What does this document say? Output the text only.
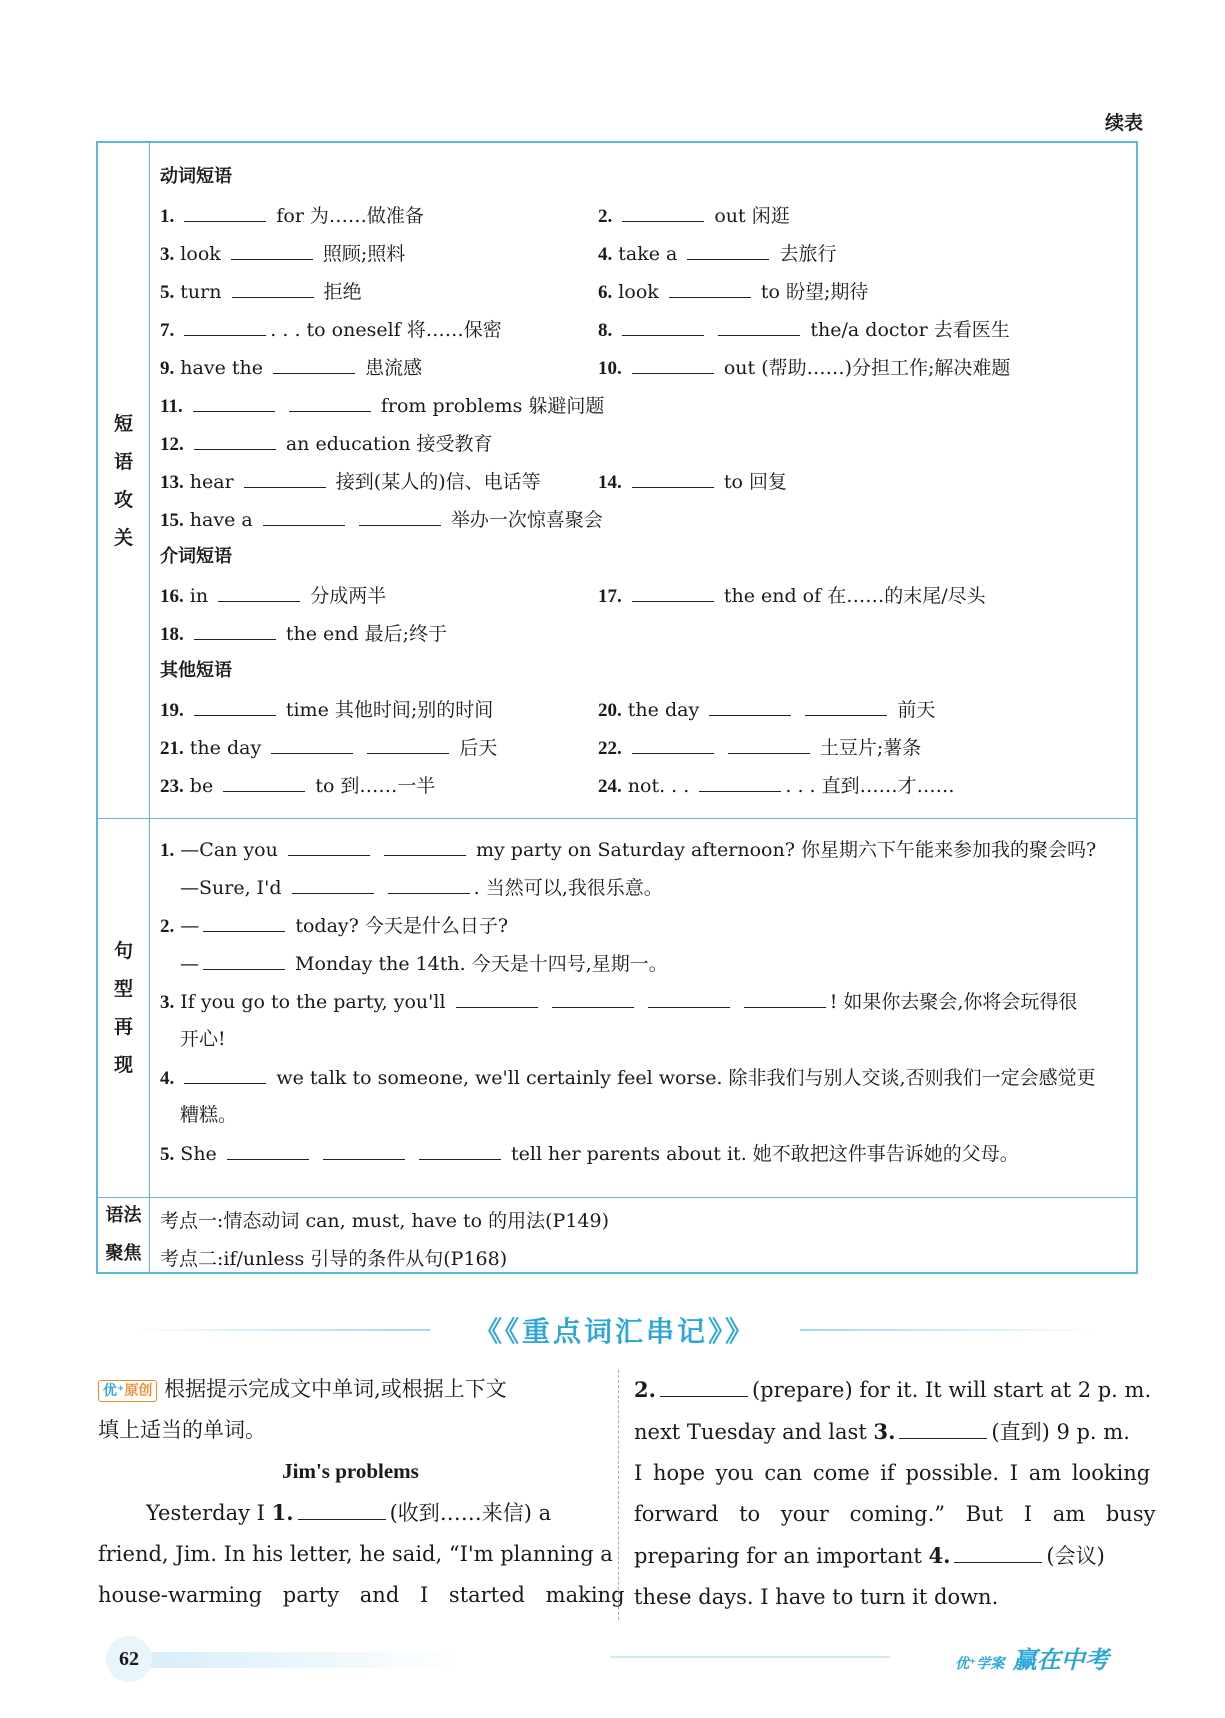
续表
短
语
攻
关
句
型
再
现
语法
聚焦
动词短语
1.	for 为……做准备	2.	out 闲逛
3. look	照顾;照料	4. take a	去旅行
5. turn	拒绝	6. look	to 盼望;期待
7.	. . . to oneself 将……保密	8.	the/a doctor 去看医生
9. have the	患流感	10.	out (帮助……)分担工作;解决难题
11.	from problems 躲避问题
12.	an education 接受教育
13. hear	接到(某人的)信、电话等	14.	to 回复
15. have a	举办一次惊喜聚会
介词短语
16. in	分成两半	17.	the end of 在……的末尾/尽头
18.	the end 最后;终于
其他短语
19.	time 其他时间;别的时间	20. the day	前天
21. the day	后天	22.	土豆片;薯条
23. be	to 到……一半	24. not. . .	. . . 直到……才……
1. —Can you	my party on Saturday afternoon? 你星期六下午能来参加我的聚会吗?
—Sure, I'd	. 当然可以,我很乐意。
2. —	today? 今天是什么日子?
—	Monday the 14th. 今天是十四号,星期一。
3. If you go to the party, you'll	! 如果你去聚会,你将会玩得很
开心!
4.	we talk to someone, we'll certainly feel worse. 除非我们与别人交谈,否则我们一定会感觉更
糟糕。
5. She	tell her parents about it. 她不敢把这件事告诉她的父母。
考点一:情态动词 can, must, have to 的用法(P149)
考点二:if/unless 引导的条件从句(P168)
《《重点词汇串记》》
优⁺原创 根据提示完成文中单词,或根据上下文
填上适当的单词。
Jim's problems
Yesterday I 1.	(收到……来信) a
friend, Jim. In his letter, he said, “I'm planning a
house-warming party and I started making
2.	(prepare) for it. It will start at 2 p. m.
next Tuesday and last 3.	(直到) 9 p. m.
I hope you can come if possible. I am looking
forward to your coming.” But I am busy
preparing for an important 4.	(会议)
these days. I have to turn it down.
62	优⁺学案 赢在中考
